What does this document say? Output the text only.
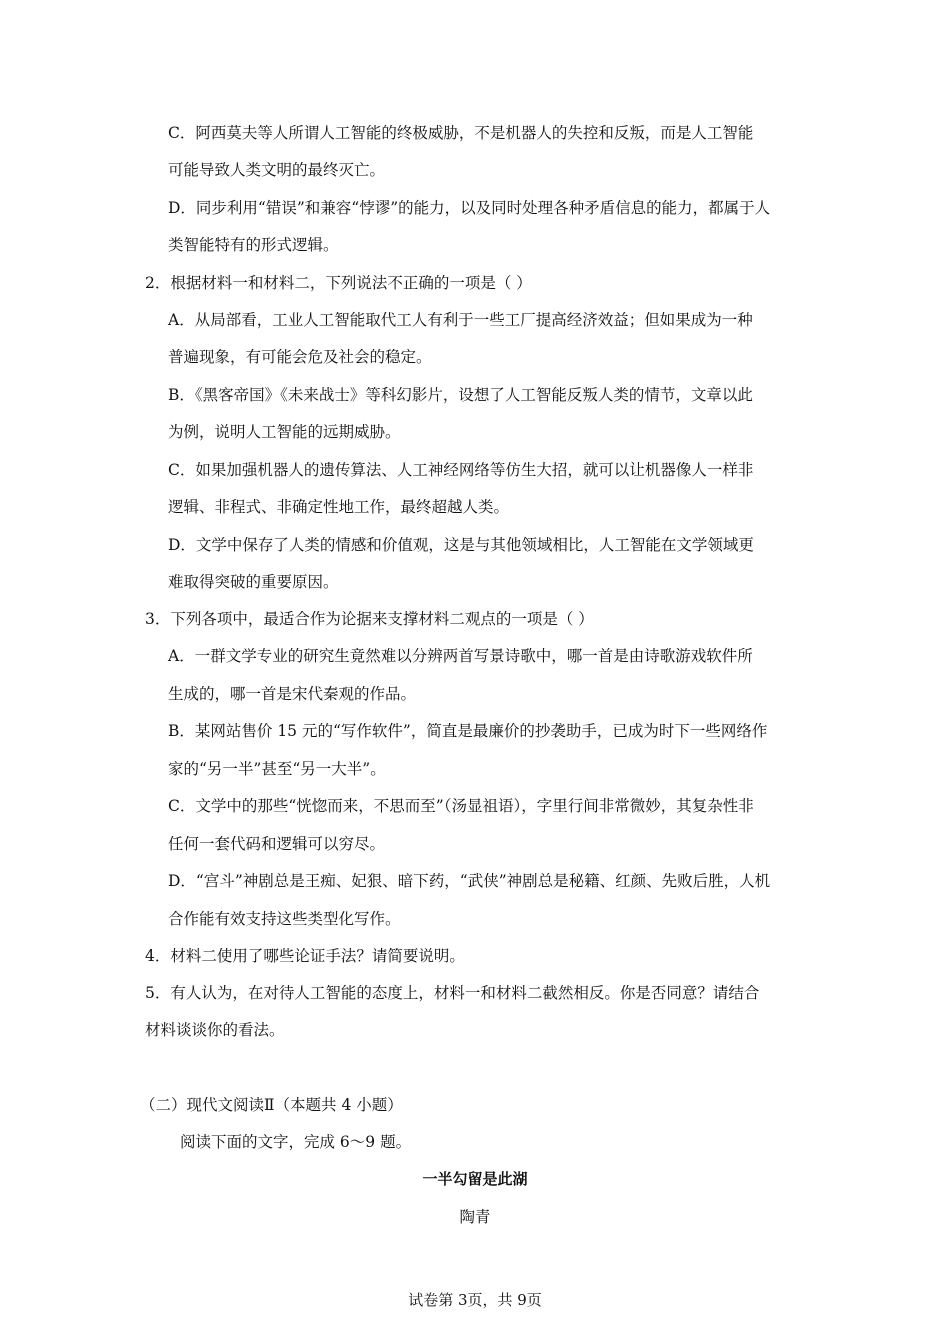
C．阿西莫夫等人所谓人工智能的终极威胁，不是机器人的失控和反叛，而是人工智能
可能导致人类文明的最终灭亡。
D．同步利用“错误”和兼容“悖谬”的能力，以及同时处理各种矛盾信息的能力，都属于人
类智能特有的形式逻辑。
2．根据材料一和材料二，下列说法不正确的一项是（ ）
A．从局部看，工业人工智能取代工人有利于一些工厂提高经济效益；但如果成为一种
普遍现象，有可能会危及社会的稳定。
B．《黑客帝国》《未来战士》等科幻影片，设想了人工智能反叛人类的情节，文章以此
为例，说明人工智能的远期威胁。
C．如果加强机器人的遗传算法、人工神经网络等仿生大招，就可以让机器像人一样非
逻辑、非程式、非确定性地工作，最终超越人类。
D．文学中保存了人类的情感和价值观，这是与其他领域相比，人工智能在文学领域更
难取得突破的重要原因。
3．下列各项中，最适合作为论据来支撑材料二观点的一项是（ ）
A．一群文学专业的研究生竟然难以分辨两首写景诗歌中，哪一首是由诗歌游戏软件所
生成的，哪一首是宋代秦观的作品。
B．某网站售价 15 元的“写作软件”，简直是最廉价的抄袭助手，已成为时下一些网络作
家的“另一半”甚至“另一大半”。
C．文学中的那些“恍惚而来，不思而至”（汤显祖语），字里行间非常微妙，其复杂性非
任何一套代码和逻辑可以穷尽。
D．“宫斗”神剧总是王痴、妃狠、暗下药，“武侠”神剧总是秘籍、红颜、先败后胜，人机
合作能有效支持这些类型化写作。
4．材料二使用了哪些论证手法？请简要说明。
5．有人认为，在对待人工智能的态度上，材料一和材料二截然相反。你是否同意？请结合
材料谈谈你的看法。
（二）现代文阅读Ⅱ（本题共 4 小题）
阅读下面的文字，完成 6～9 题。
一半勾留是此湖
陶青
试卷第 3页，共 9页
